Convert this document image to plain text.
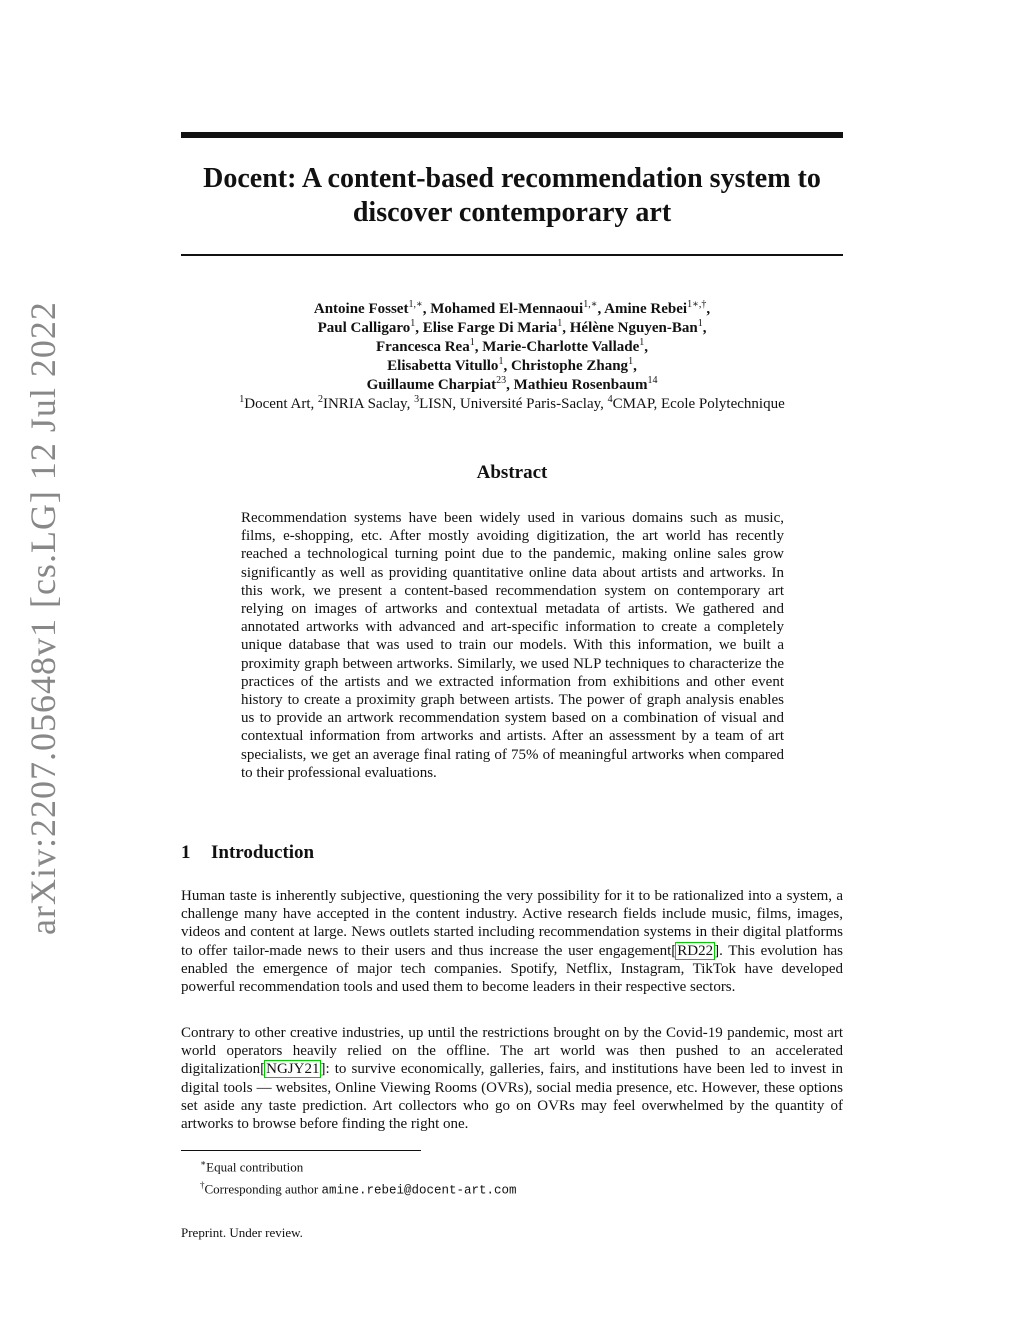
arXiv:2207.05648v1 [cs.LG] 12 Jul 2022
Docent: A content-based recommendation system to
discover contemporary art
Antoine Fosset$^{1,∗}$, Mohamed El-Mennaoui$^{1,∗}$, Amine Rebei$^{1∗,\dagger}$,
Paul Calligaro$^1$, Elise Farge Di Maria$^1$, Hélène Nguyen-Ban$^1$,
Francesca Rea$^1$, Marie-Charlotte Vallade$^1$,
Elisabetta Vitullo$^1$, Christophe Zhang$^1$,
Guillaume Charpiat$^{23}$, Mathieu Rosenbaum$^{14}$
$^1$Docent Art, $^2$INRIA Saclay, $^3$LISN, Université Paris-Saclay, $^4$CMAP, Ecole Polytechnique
Abstract

Recommendation systems have been widely used in various domains such as music, films, e-shopping, etc. After mostly avoiding digitization, the art world has recently reached a technological turning point due to the pandemic, making online sales grow significantly as well as providing quantitative online data about artists and artworks. In this work, we present a content-based recommendation system on contemporary art relying on images of artworks and contextual metadata of artists. We gathered and annotated artworks with advanced and art-specific information to create a completely unique database that was used to train our models. With this information, we built a proximity graph between artworks. Similarly, we used NLP techniques to characterize the practices of the artists and we extracted information from exhibitions and other event history to create a proximity graph between artists. The power of graph analysis enables us to provide an artwork recommendation system based on a combination of visual and contextual information from artworks and artists. After an assessment by a team of art specialists, we get an average final rating of 75% of meaningful artworks when compared to their professional evaluations.

1 Introduction

Human taste is inherently subjective, questioning the very possibility for it to be rationalized into a system, a challenge many have accepted in the content industry. Active research fields include music, films, images, videos and content at large. News outlets started including recommendation systems in their digital platforms to offer tailor-made news to their users and thus increase the user engagement[RD22]. This evolution has enabled the emergence of major tech companies. Spotify, Netflix, Instagram, TikTok have developed powerful recommendation tools and used them to become leaders in their respective sectors.

Contrary to other creative industries, up until the restrictions brought on by the Covid-19 pandemic, most art world operators heavily relied on the offline. The art world was then pushed to an accelerated digitalization[NGJY21]: to survive economically, galleries, fairs, and institutions have been led to invest in digital tools — websites, Online Viewing Rooms (OVRs), social media presence, etc. However, these options set aside any taste prediction. Art collectors who go on OVRs may feel overwhelmed by the quantity of artworks to browse before finding the right one.

∗Equal contribution
†Corresponding author amine.rebei@docent-art.com
Preprint. Under review.
